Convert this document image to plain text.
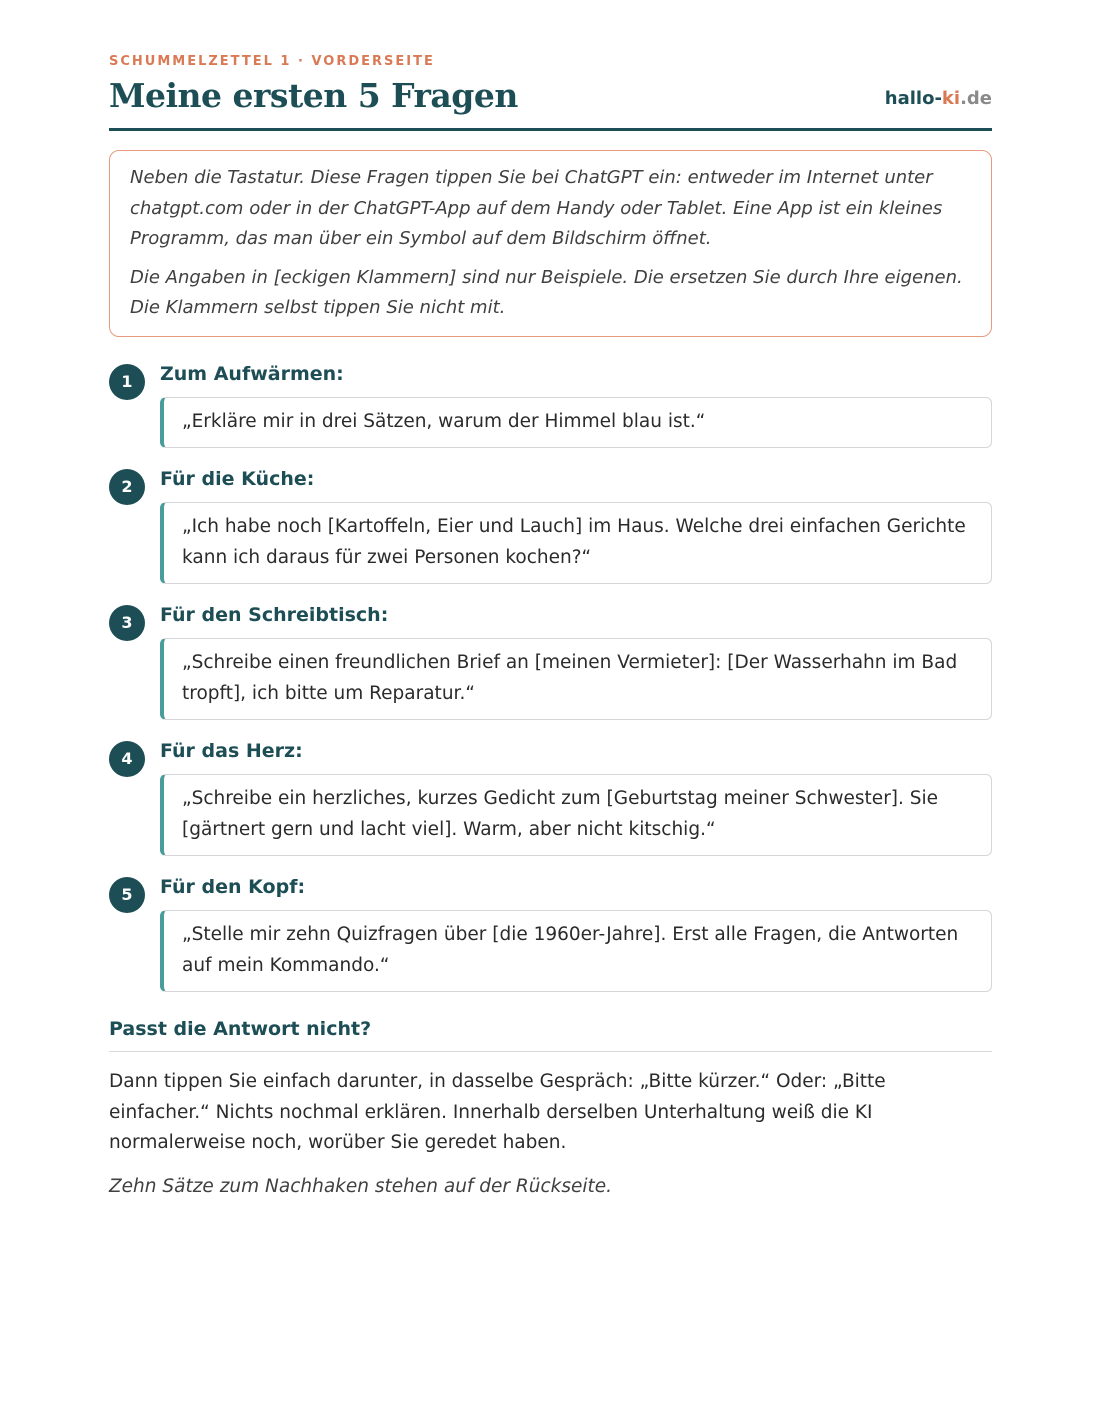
SCHUMMELZETTEL 1 · VORDERSEITE

Meine ersten 5 Fragen	hallo-ki.de

Neben die Tastatur. Diese Fragen tippen Sie bei ChatGPT ein: entweder im Internet unter chatgpt.com oder in der ChatGPT-App auf dem Handy oder Tablet. Eine App ist ein kleines Programm, das man über ein Symbol auf dem Bildschirm öffnet.

Die Angaben in [eckigen Klammern] sind nur Beispiele. Die ersetzen Sie durch Ihre eigenen. Die Klammern selbst tippen Sie nicht mit.

1	Zum Aufwärmen:

„Erkläre mir in drei Sätzen, warum der Himmel blau ist.“
2	Für die Küche:

„Ich habe noch [Kartoffeln, Eier und Lauch] im Haus. Welche drei einfachen Gerichte kann ich daraus für zwei Personen kochen?“
3	Für den Schreibtisch:

„Schreibe einen freundlichen Brief an [meinen Vermieter]: [Der Wasserhahn im Bad tropft], ich bitte um Reparatur.“
4	Für das Herz:

„Schreibe ein herzliches, kurzes Gedicht zum [Geburtstag meiner Schwester]. Sie [gärtnert gern und lacht viel]. Warm, aber nicht kitschig.“
5	Für den Kopf:

„Stelle mir zehn Quizfragen über [die 1960er-Jahre]. Erst alle Fragen, die Antworten auf mein Kommando.“
Passt die Antwort nicht?

Dann tippen Sie einfach darunter, in dasselbe Gespräch: „Bitte kürzer.“ Oder: „Bitte einfacher.“ Nichts nochmal erklären. Innerhalb derselben Unterhaltung weiß die KI normalerweise noch, worüber Sie geredet haben.

Zehn Sätze zum Nachhaken stehen auf der Rückseite.
